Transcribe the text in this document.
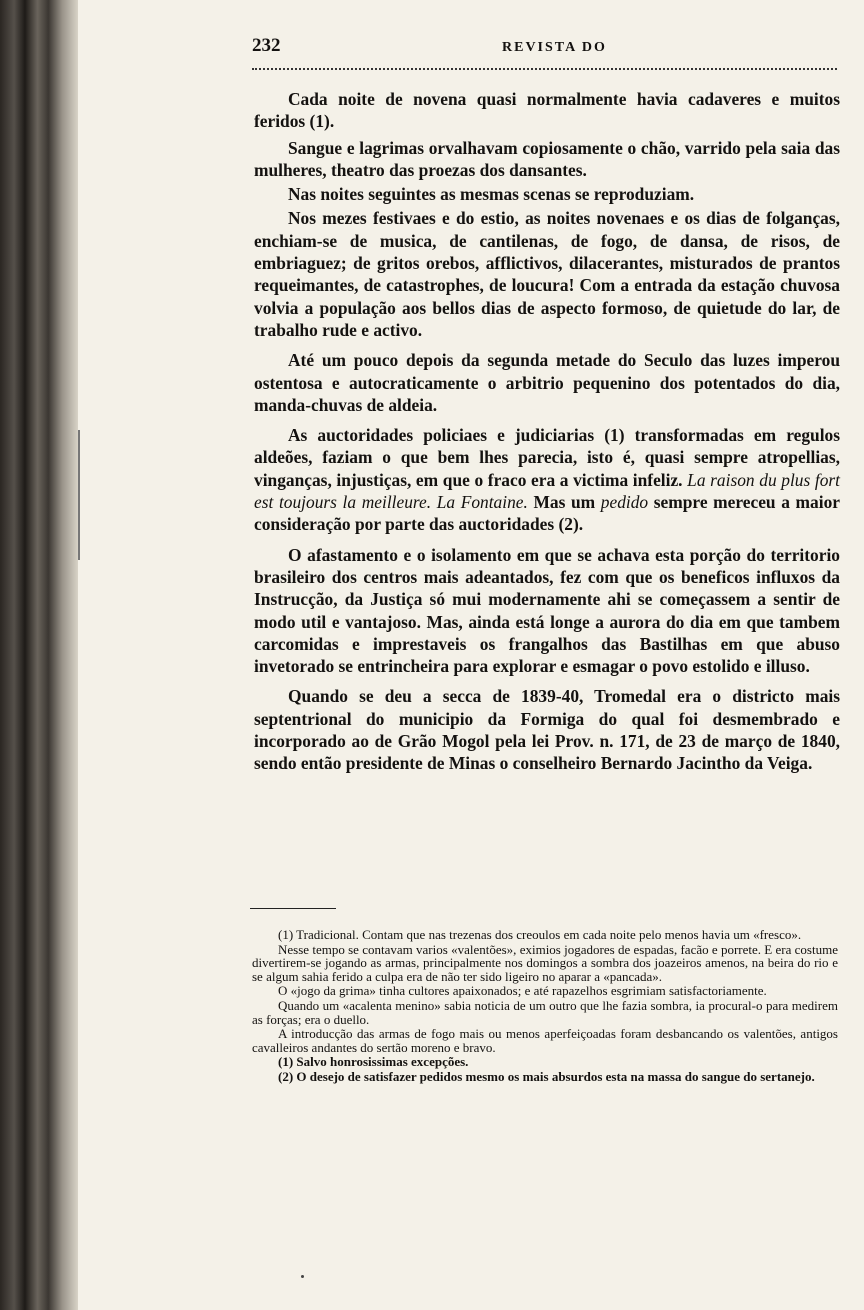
232	REVISTA DO

Cada noite de novena quasi normalmente havia cadaveres e muitos feridos (1).

Sangue e lagrimas orvalhavam copiosamente o chão, varrido pela saia das mulheres, theatro das proezas dos dansantes.

Nas noites seguintes as mesmas scenas se reproduziam.

Nos mezes festivaes e do estio, as noites novenaes e os dias de folganças, enchiam-se de musica, de cantilenas, de fogo, de dansa, de risos, de embriaguez; de gritos orebos, afflictivos, dilacerantes, misturados de prantos requeimantes, de catastrophes, de loucura! Com a entrada da estação chuvosa volvia a população aos bellos dias de aspecto formoso, de quietude do lar, de trabalho rude e activo.

Até um pouco depois da segunda metade do Seculo das luzes imperou ostentosa e autocraticamente o arbitrio pequenino dos potentados do dia, manda-chuvas de aldeia.

As auctoridades policiaes e judiciarias (1) transformadas em regulos aldeões, faziam o que bem lhes parecia, isto é, quasi sempre atropellias, vinganças, injustiças, em que o fraco era a victima infeliz. La raison du plus fort est toujours la meilleure. La Fontaine. Mas um pedido sempre mereceu a maior consideração por parte das auctoridades (2).

O afastamento e o isolamento em que se achava esta porção do territorio brasileiro dos centros mais adeantados, fez com que os beneficos influxos da Instrucção, da Justiça só mui modernamente ahi se começassem a sentir de modo util e vantajoso. Mas, ainda está longe a aurora do dia em que tambem carcomidas e imprestaveis os frangalhos das Bastilhas em que abuso invetorado se entrincheira para explorar e esmagar o povo estolido e illuso.

Quando se deu a secca de 1839-40, Tromedal era o districto mais septentrional do municipio da Formiga do qual foi desmembrado e incorporado ao de Grão Mogol pela lei Prov. n. 171, de 23 de março de 1840, sendo então presidente de Minas o conselheiro Bernardo Jacintho da Veiga.

(1) Tradicional. Contam que nas trezenas dos creoulos em cada noite pelo menos havia um «fresco».

Nesse tempo se contavam varios «valentões», eximios jogadores de espadas, facão e porrete. E era costume divertirem-se jogando as armas, principalmente nos domingos a sombra dos joazeiros amenos, na beira do rio e se algum sahia ferido a culpa era de não ter sido ligeiro no aparar a «pancada».

O «jogo da grima» tinha cultores apaixonados; e até rapazelhos esgrimiam satisfactoriamente.

Quando um «acalenta menino» sabia noticia de um outro que lhe fazia sombra, ia procural-o para medirem as forças; era o duello.

A introducção das armas de fogo mais ou menos aperfeiçoadas foram desbancando os valentões, antigos cavalleiros andantes do sertão moreno e bravo.

(1) Salvo honrosissimas excepções.

(2) O desejo de satisfazer pedidos mesmo os mais absurdos esta na massa do sangue do sertanejo.
